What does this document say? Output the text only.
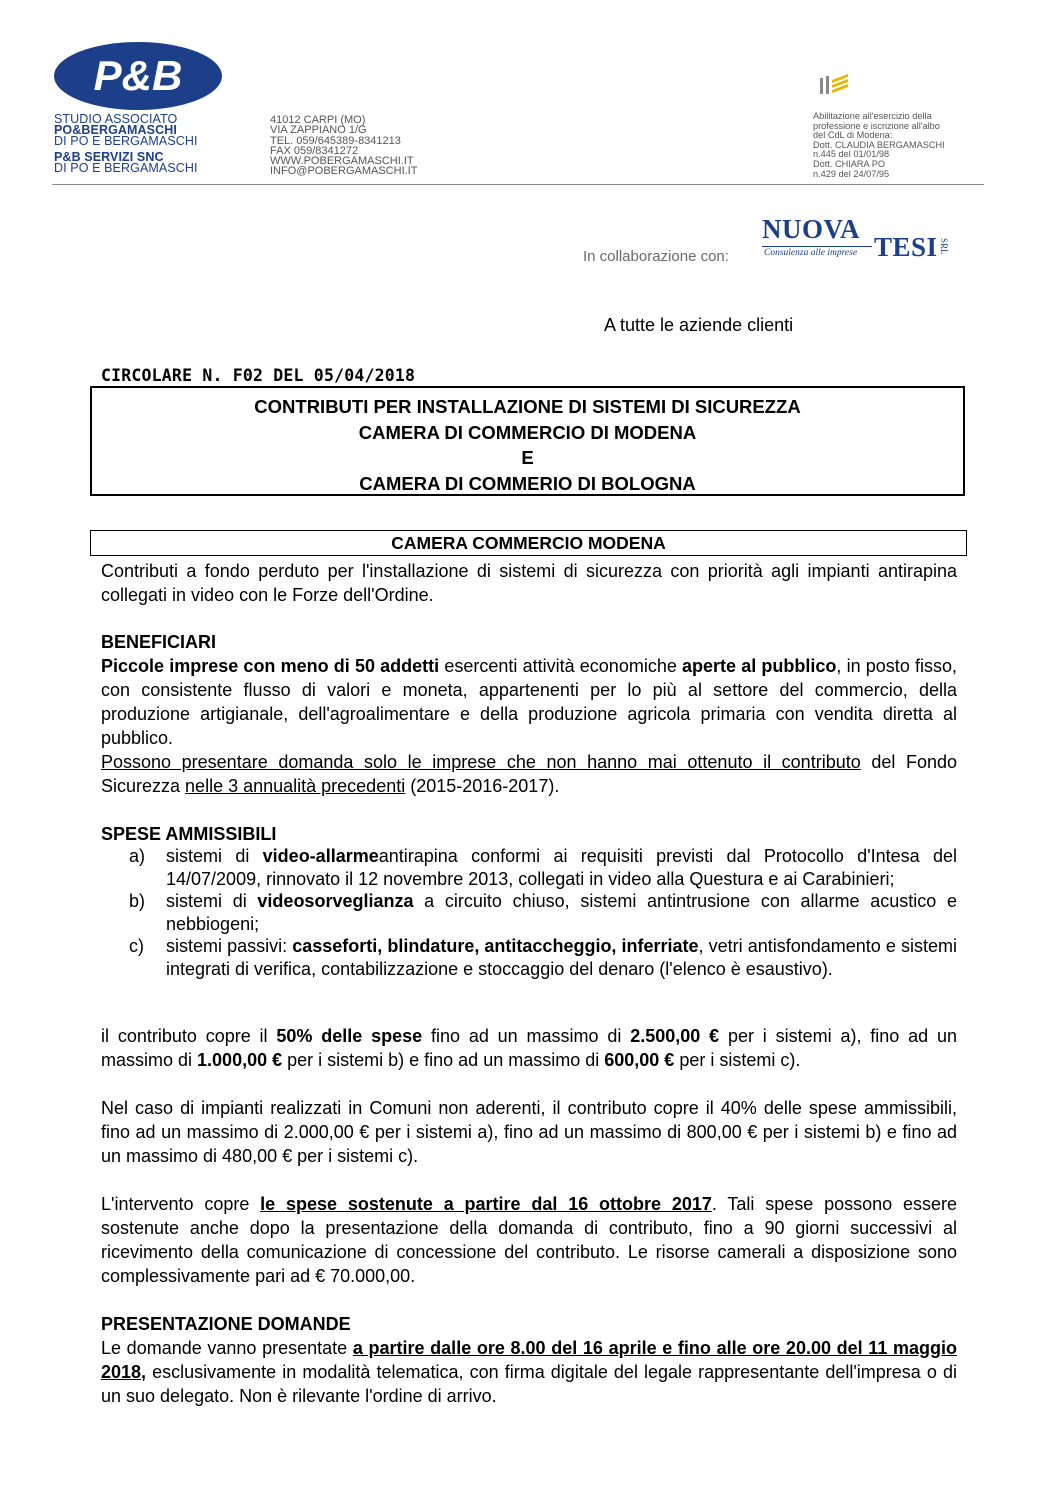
P&B
STUDIO ASSOCIATO
PO&BERGAMASCHI
DI PO E BERGAMASCHI
P&B SERVIZI SNC
DI PO E BERGAMASCHI
41012 CARPI (MO)
VIA ZAPPIANO 1/G
TEL. 059/645389-8341213
FAX 059/8341272
WWW.POBERGAMASCHI.IT
INFO@POBERGAMASCHI.IT
Abilitazione all'esercizio della
professione e iscrizione all'albo
del CdL di Modena:
Dott. CLAUDIA BERGAMASCHI
n.445 del 01/01/98
Dott. CHIARA PO
n.429 del 24/07/95
In collaborazione con:
NUOVA
TESI SRL
Consulenza alle imprese
A tutte le aziende clienti
CIRCOLARE N. F02 DEL 05/04/2018
CONTRIBUTI PER INSTALLAZIONE DI SISTEMI DI SICUREZZA
CAMERA DI COMMERCIO DI MODENA
E
CAMERA DI COMMERIO DI BOLOGNA
CAMERA COMMERCIO MODENA
Contributi a fondo perduto per l'installazione di sistemi di sicurezza con priorità agli impianti antirapina collegati in video con le Forze dell'Ordine.
BENEFICIARI
Piccole imprese con meno di 50 addetti esercenti attività economiche aperte al pubblico, in posto fisso, con consistente flusso di valori e moneta, appartenenti per lo più al settore del commercio, della produzione artigianale, dell'agroalimentare e della produzione agricola primaria con vendita diretta al pubblico.
Possono presentare domanda solo le imprese che non hanno mai ottenuto il contributo del Fondo Sicurezza nelle 3 annualità precedenti (2015-2016-2017).
SPESE AMMISSIBILI
a) sistemi di video-allarmeantirapina conformi ai requisiti previsti dal Protocollo d'Intesa del 14/07/2009, rinnovato il 12 novembre 2013, collegati in video alla Questura e ai Carabinieri;
b) sistemi di videosorveglianza a circuito chiuso, sistemi antintrusione con allarme acustico e nebbiogeni;
c) sistemi passivi: casseforti, blindature, antitaccheggio, inferriate, vetri antisfondamento e sistemi integrati di verifica, contabilizzazione e stoccaggio del denaro (l'elenco è esaustivo).
il contributo copre il 50% delle spese fino ad un massimo di 2.500,00 € per i sistemi a), fino ad un massimo di 1.000,00 € per i sistemi b) e fino ad un massimo di 600,00 € per i sistemi c).
Nel caso di impianti realizzati in Comuni non aderenti, il contributo copre il 40% delle spese ammissibili, fino ad un massimo di 2.000,00 € per i sistemi a), fino ad un massimo di 800,00 € per i sistemi b) e fino ad un massimo di 480,00 € per i sistemi c).
L'intervento copre le spese sostenute a partire dal 16 ottobre 2017. Tali spese possono essere sostenute anche dopo la presentazione della domanda di contributo, fino a 90 giorni successivi al ricevimento della comunicazione di concessione del contributo. Le risorse camerali a disposizione sono complessivamente pari ad € 70.000,00.
PRESENTAZIONE DOMANDE
Le domande vanno presentate a partire dalle ore 8.00 del 16 aprile e fino alle ore 20.00 del 11 maggio 2018, esclusivamente in modalità telematica, con firma digitale del legale rappresentante dell'impresa o di un suo delegato. Non è rilevante l'ordine di arrivo.
